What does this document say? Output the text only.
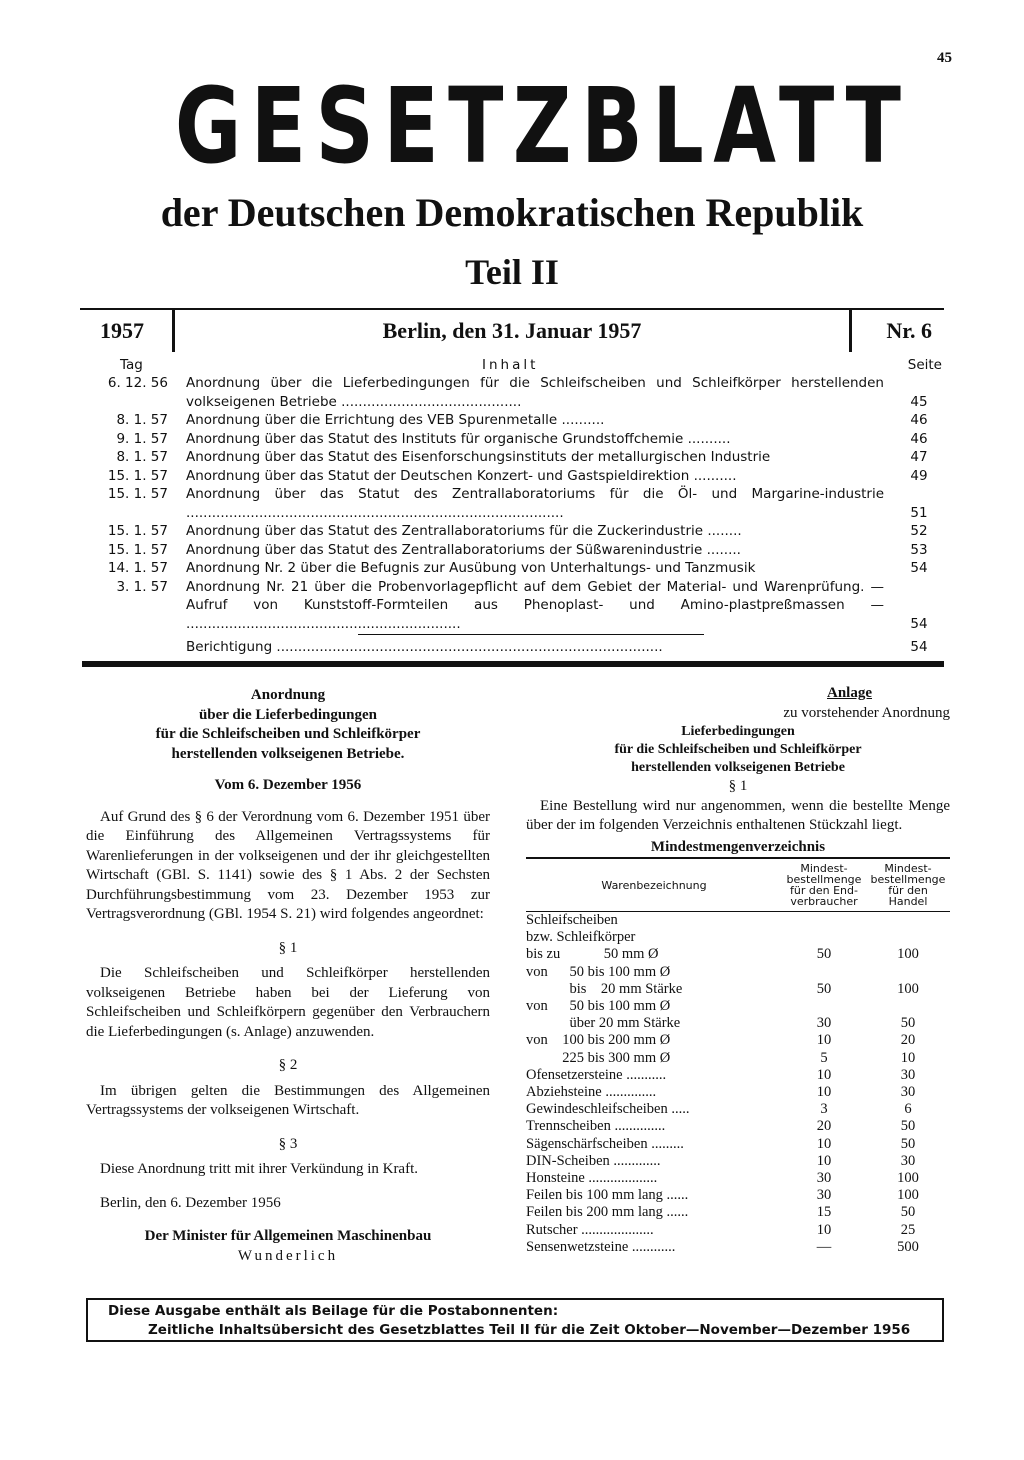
45
GESETZBLATT
der Deutschen Demokratischen Republik
Teil II
1957	Berlin, den 31. Januar 1957	Nr. 6
Tag	Inhalt	Seite
6. 12. 56 Anordnung über die Lieferbedingungen für die Schleifscheiben und Schleifkörper herstellenden volkseigenen Betriebe ..........................................	45
8. 1. 57 Anordnung über die Errichtung des VEB Spurenmetalle ..........	46
9. 1. 57 Anordnung über das Statut des Instituts für organische Grundstoffchemie ..........	46
8. 1. 57 Anordnung über das Statut des Eisenforschungsinstituts der metallurgischen Industrie	47
15. 1. 57 Anordnung über das Statut der Deutschen Konzert- und Gastspieldirektion ..........	49
15. 1. 57 Anordnung über das Statut des Zentrallaboratoriums für die Öl- und Margarine-industrie ........................................................................................	51
15. 1. 57 Anordnung über das Statut des Zentrallaboratoriums für die Zuckerindustrie ........	52
15. 1. 57 Anordnung über das Statut des Zentrallaboratoriums der Süßwarenindustrie ........	53
14. 1. 57 Anordnung Nr. 2 über die Befugnis zur Ausübung von Unterhaltungs- und Tanzmusik	54
3. 1. 57 Anordnung Nr. 21 über die Probenvorlagepflicht auf dem Gebiet der Material- und Warenprüfung. — Aufruf von Kunststoff-Formteilen aus Phenoplast- und Amino-plastpreßmassen — ................................................................	54
Berichtigung ..........................................................................................	54
Anordnung
über die Lieferbedingungen
für die Schleifscheiben und Schleifkörper
herstellenden volkseigenen Betriebe.
Vom 6. Dezember 1956
Auf Grund des § 6 der Verordnung vom 6. Dezember 1951 über die Einführung des Allgemeinen Vertragssystems für Warenlieferungen in der volkseigenen und der ihr gleichgestellten Wirtschaft (GBl. S. 1141) sowie des § 1 Abs. 2 der Sechsten Durchführungsbestimmung vom 23. Dezember 1953 zur Vertragsverordnung (GBl. 1954 S. 21) wird folgendes angeordnet:
§ 1
Die Schleifscheiben und Schleifkörper herstellenden volkseigenen Betriebe haben bei der Lieferung von Schleifscheiben und Schleifkörpern gegenüber den Verbrauchern die Lieferbedingungen (s. Anlage) anzuwenden.
§ 2
Im übrigen gelten die Bestimmungen des Allgemeinen Vertragssystems der volkseigenen Wirtschaft.
§ 3
Diese Anordnung tritt mit ihrer Verkündung in Kraft.
Berlin, den 6. Dezember 1956
Der Minister für Allgemeinen Maschinenbau
Wunderlich
Anlage
zu vorstehender Anordnung
Lieferbedingungen
für die Schleifscheiben und Schleifkörper
herstellenden volkseigenen Betriebe
§ 1
Eine Bestellung wird nur angenommen, wenn die bestellte Menge über der im folgenden Verzeichnis enthaltenen Stückzahl liegt.
Mindestmengenverzeichnis
Warenbezeichnung	Mindest-bestellmenge für den End-verbraucher	Mindest-bestellmenge für den Handel
Schleifscheiben		
bzw. Schleifkörper		
bis zu            50 mm Ø	50	100
von      50 bis 100 mm Ø		
bis    20 mm Stärke	50	100
von      50 bis 100 mm Ø		
über 20 mm Stärke	30	50
von    100 bis 200 mm Ø	10	20
225 bis 300 mm Ø	5	10
Ofensetzersteine ...........	10	30
Abziehsteine ..............	10	30
Gewindeschleifscheiben .....	3	6
Trennscheiben ..............	20	50
Sägenschärfscheiben .........	10	50
DIN-Scheiben .............	10	30
Honsteine ...................	30	100
Feilen bis 100 mm lang ......	30	100
Feilen bis 200 mm lang ......	15	50
Rutscher ....................	10	25
Sensenwetzsteine ............	—	500
Diese Ausgabe enthält als Beilage für die Postabonnenten:
Zeitliche Inhaltsübersicht des Gesetzblattes Teil II für die Zeit Oktober—November—Dezember 1956
